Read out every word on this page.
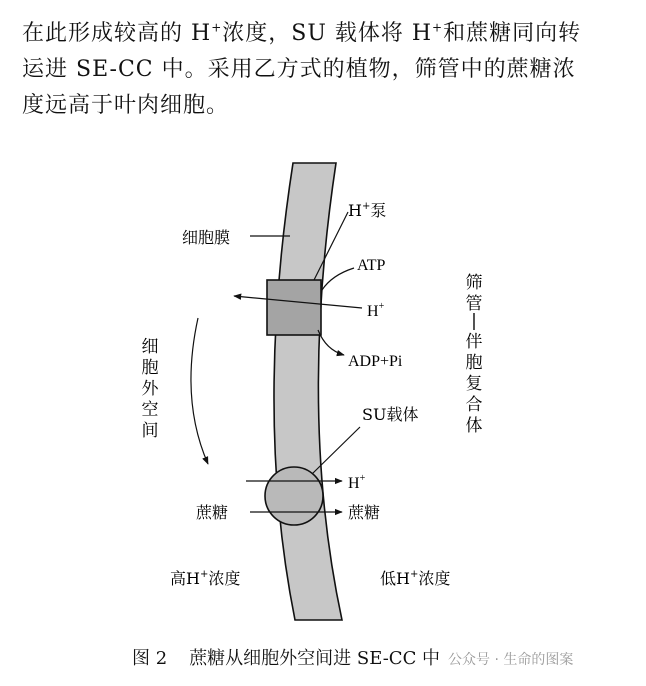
在此形成较高的 H+浓度，SU 载体将 H+和蔗糖同向转

运进 SE-CC 中。采用乙方式的植物，筛管中的蔗糖浓

度远高于叶肉细胞。

H+泵
细胞膜
ATP
H+
ADP+Pi
SU载体
H+
蔗糖	蔗糖
高H+浓度	低H+浓度
细胞外空间
筛管|伴胞复合体
图 2 蔗糖从细胞外空间进 SE-CC 中 公众号 · 生命的图案
